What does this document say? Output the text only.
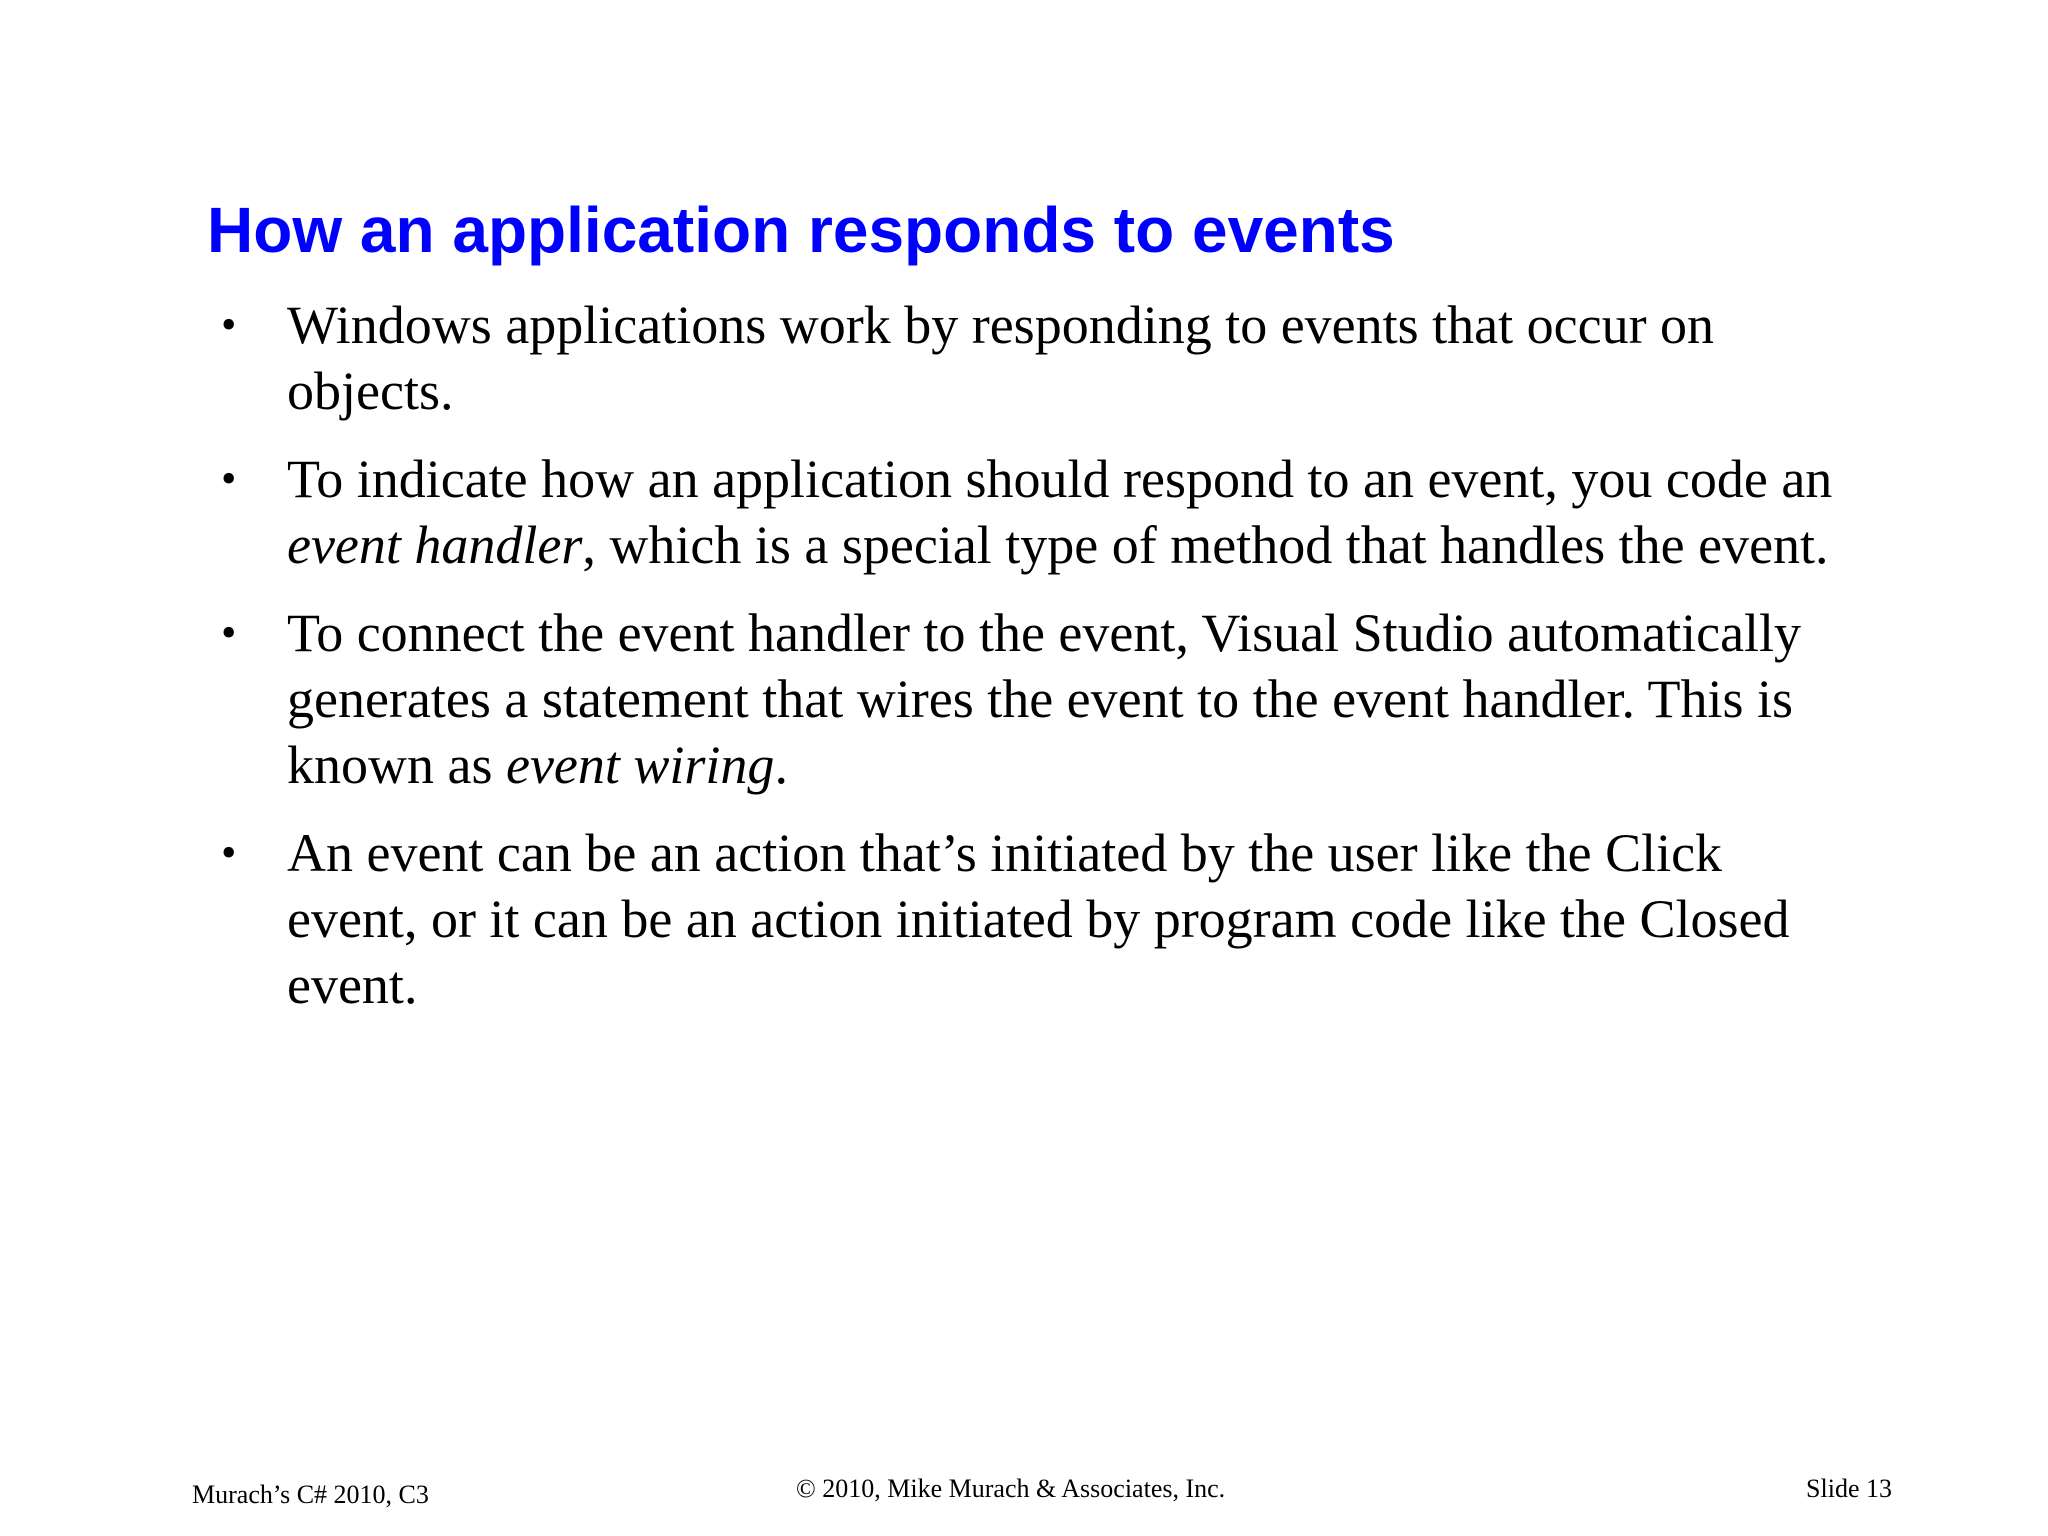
How an application responds to events
• Windows applications work by responding to events that occur on objects.
• To indicate how an application should respond to an event, you code an event handler, which is a special type of method that handles the event.
• To connect the event handler to the event, Visual Studio automatically generates a statement that wires the event to the event handler. This is known as event wiring.
• An event can be an action that’s initiated by the user like the Click event, or it can be an action initiated by program code like the Closed event.
Murach’s C# 2010, C3	© 2010, Mike Murach & Associates, Inc.	Slide 13
